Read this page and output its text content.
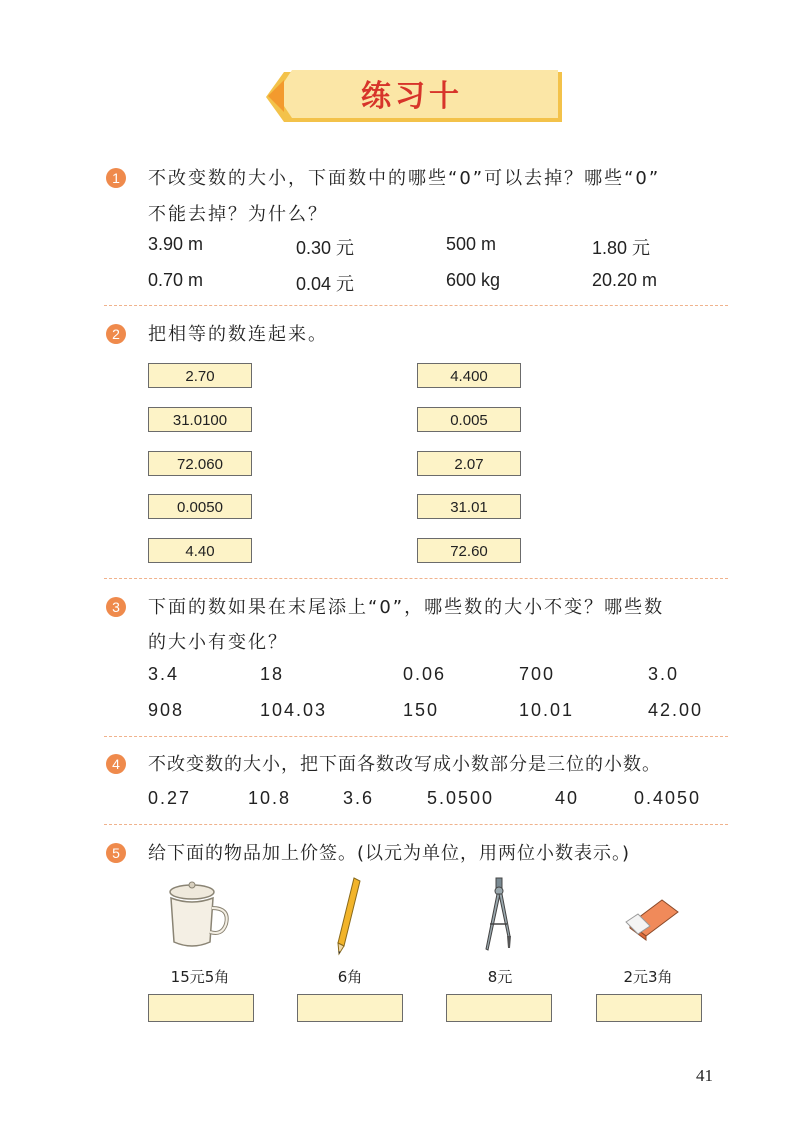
练习十
1	不改变数的大小，下面数中的哪些“0”可以去掉？哪些“0”
不能去掉？为什么？
3.90 m	0.30 元	500 m	1.80 元
0.70 m	0.04 元	600 kg	20.20 m
2	把相等的数连起来。
2.70
31.0100
72.060
0.0050
4.40
4.400
0.005
2.07
31.01
72.60
3	下面的数如果在末尾添上“0”，哪些数的大小不变？哪些数
的大小有变化？
3.4	18	0.06	700	3.0
908	104.03	150	10.01	42.00
4	不改变数的大小，把下面各数改写成小数部分是三位的小数。
0.27	10.8	3.6	5.0500	40	0.4050
5	给下面的物品加上价签。(以元为单位，用两位小数表示。)
15元5角	6角	8元	2元3角
41
